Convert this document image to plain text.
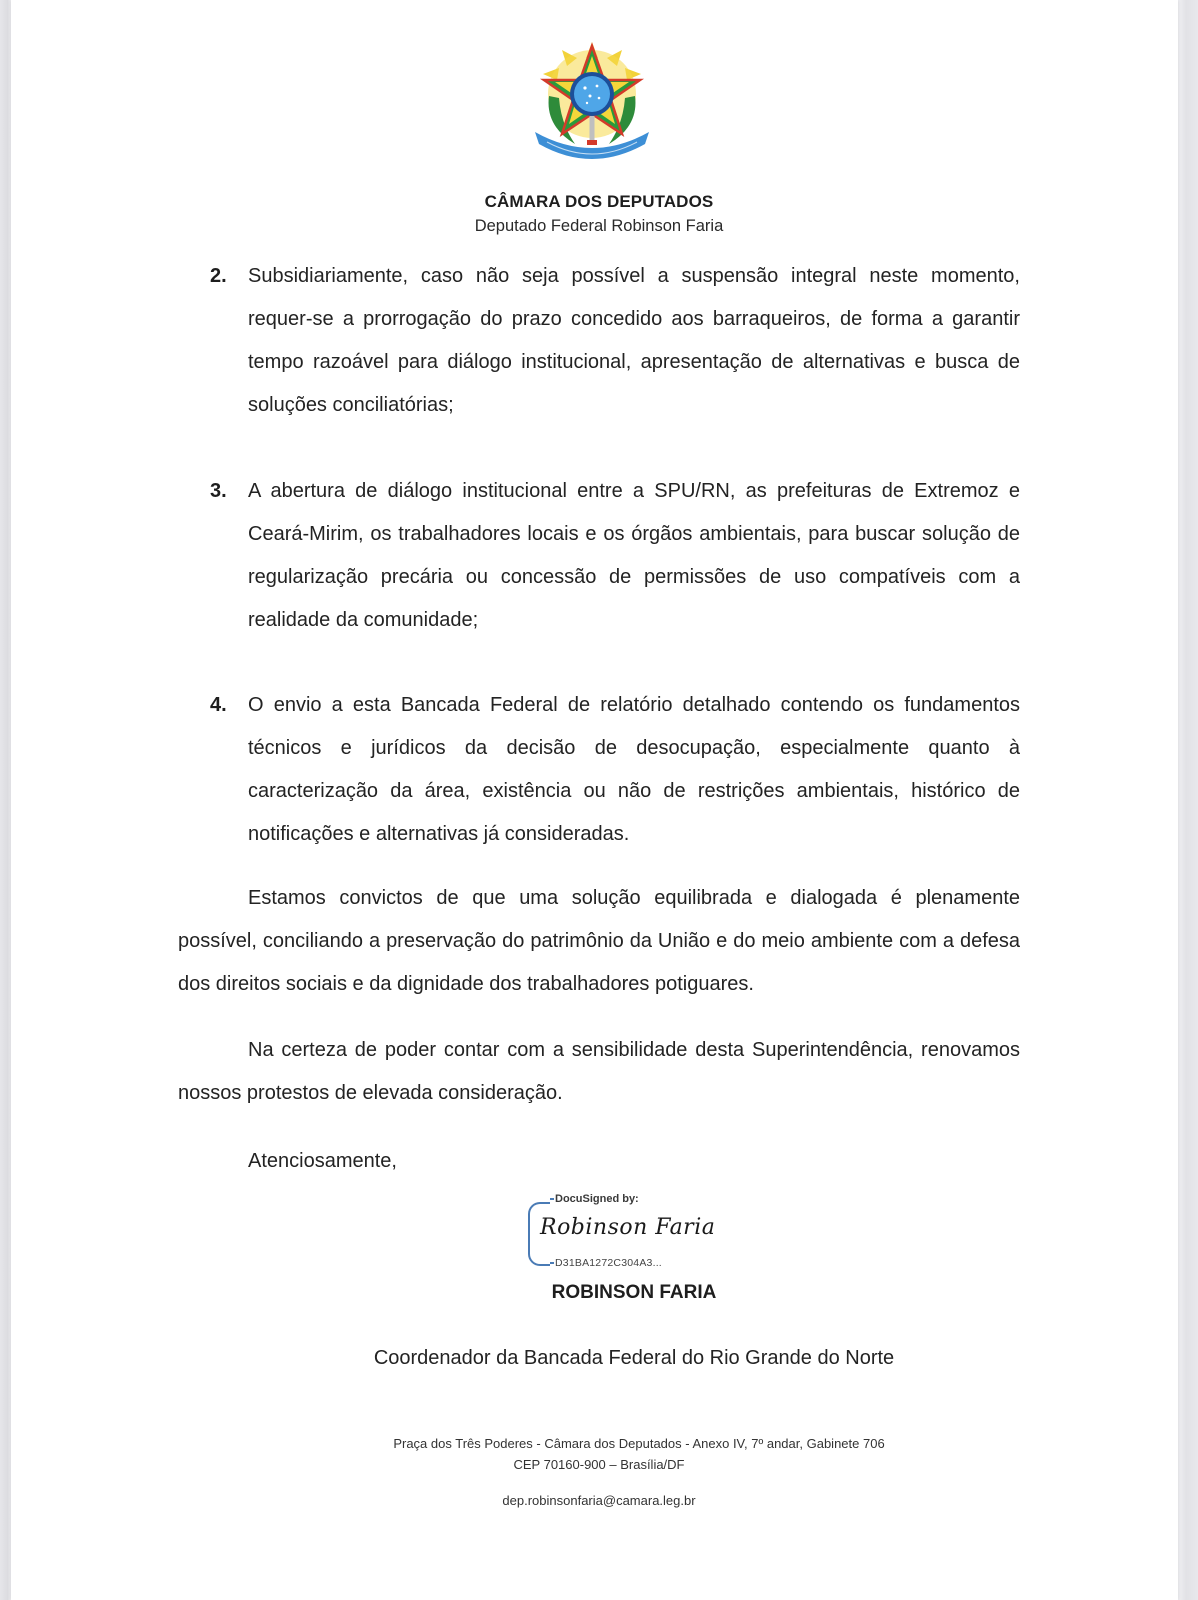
CÂMARA DOS DEPUTADOS
Deputado Federal Robinson Faria
2. Subsidiariamente, caso não seja possível a suspensão integral neste momento, requer-se a prorrogação do prazo concedido aos barraqueiros, de forma a garantir tempo razoável para diálogo institucional, apresentação de alternativas e busca de soluções conciliatórias;
3. A abertura de diálogo institucional entre a SPU/RN, as prefeituras de Extremoz e Ceará-Mirim, os trabalhadores locais e os órgãos ambientais, para buscar solução de regularização precária ou concessão de permissões de uso compatíveis com a realidade da comunidade;
4. O envio a esta Bancada Federal de relatório detalhado contendo os fundamentos técnicos e jurídicos da decisão de desocupação, especialmente quanto à caracterização da área, existência ou não de restrições ambientais, histórico de notificações e alternativas já consideradas.
Estamos convictos de que uma solução equilibrada e dialogada é plenamente possível, conciliando a preservação do patrimônio da União e do meio ambiente com a defesa dos direitos sociais e da dignidade dos trabalhadores potiguares.
Na certeza de poder contar com a sensibilidade desta Superintendência, renovamos nossos protestos de elevada consideração.
Atenciosamente,
DocuSigned by:
Robinson Faria
D31BA1272C304A3...
ROBINSON FARIA
Coordenador da Bancada Federal do Rio Grande do Norte
Praça dos Três Poderes - Câmara dos Deputados - Anexo IV, 7º andar, Gabinete 706
CEP 70160-900 – Brasília/DF
dep.robinsonfaria@camara.leg.br
